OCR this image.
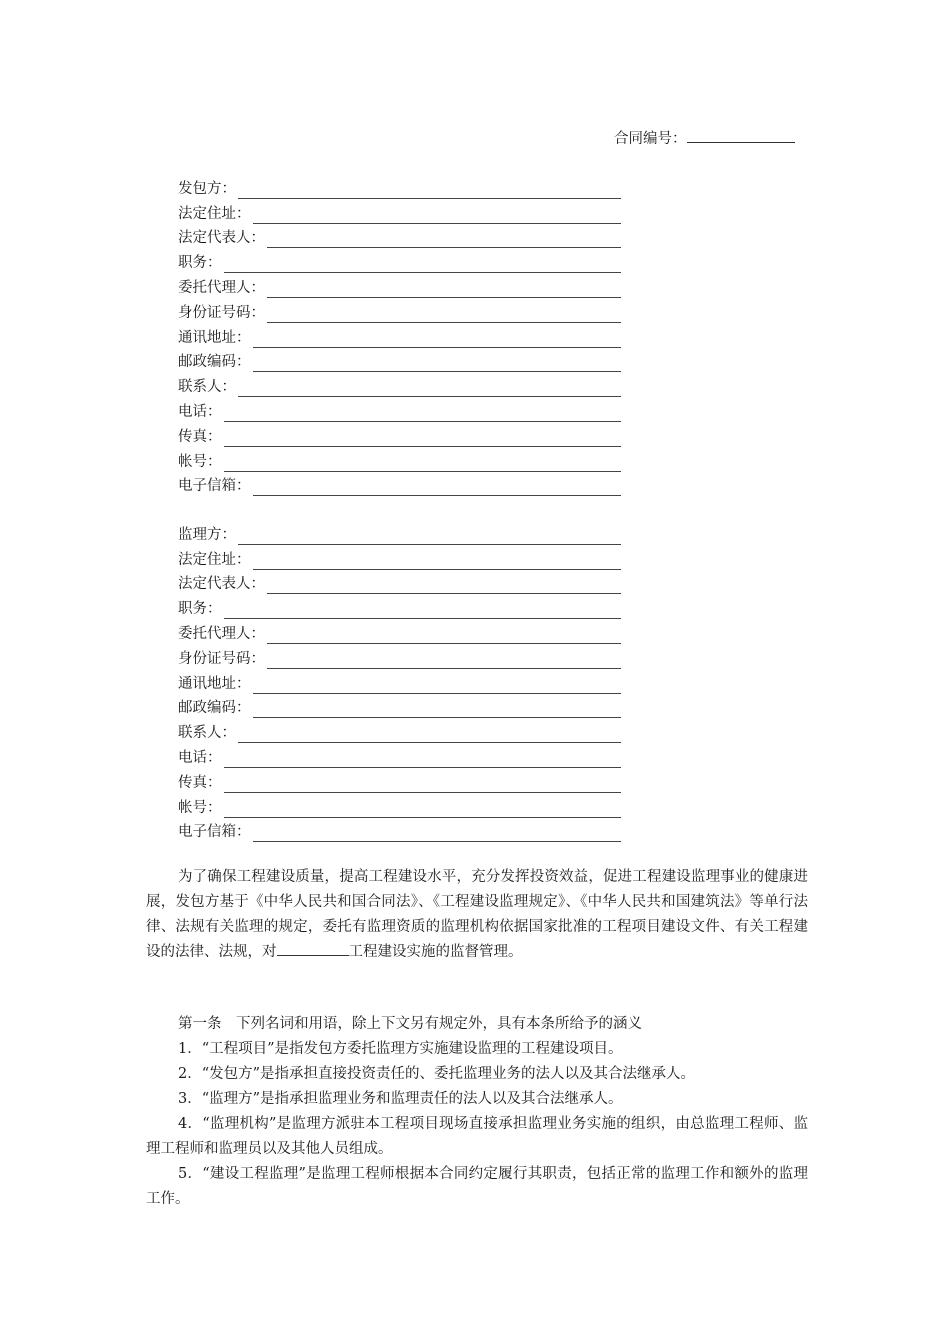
合同编号：
发包方：
法定住址：
法定代表人：
职务：
委托代理人：
身份证号码：
通讯地址：
邮政编码：
联系人：
电话：
传真：
帐号：
电子信箱：
监理方：
法定住址：
法定代表人：
职务：
委托代理人：
身份证号码：
通讯地址：
邮政编码：
联系人：
电话：
传真：
帐号：
电子信箱：

为了确保工程建设质量，提高工程建设水平，充分发挥投资效益，促进工程建设监理事业的健康进展，发包方基于《中华人民共和国合同法》、《工程建设监理规定》、《中华人民共和国建筑法》等单行法律、法规有关监理的规定，委托有监理资质的监理机构依据国家批准的工程项目建设文件、有关工程建设的法律、法规，对	工程建设实施的监督管理。

第一条　下列名词和用语，除上下文另有规定外，具有本条所给予的涵义

1．“工程项目”是指发包方委托监理方实施建设监理的工程建设项目。

2．“发包方”是指承担直接投资责任的、委托监理业务的法人以及其合法继承人。

3．“监理方”是指承担监理业务和监理责任的法人以及其合法继承人。

4．“监理机构”是监理方派驻本工程项目现场直接承担监理业务实施的组织，由总监理工程师、监理工程师和监理员以及其他人员组成。

5．“建设工程监理”是监理工程师根据本合同约定履行其职责，包括正常的监理工作和额外的监理工作。
